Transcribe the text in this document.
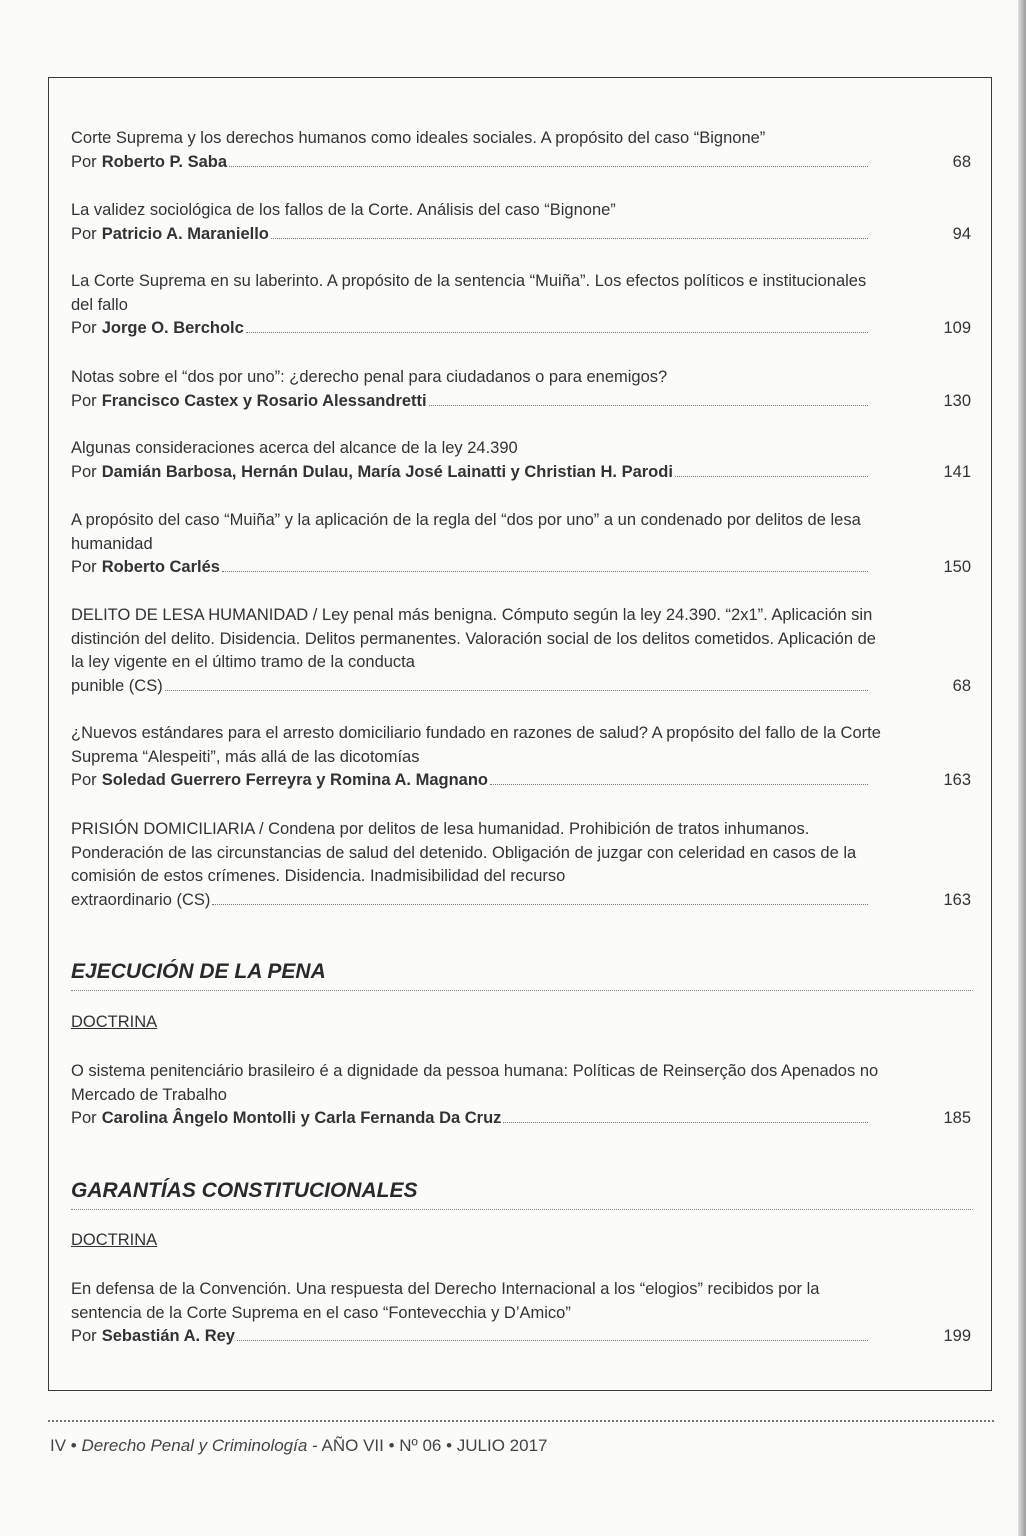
Corte Suprema y los derechos humanos como ideales sociales. A propósito del caso “Bignone”
Por Roberto P. Saba	68
La validez sociológica de los fallos de la Corte. Análisis del caso “Bignone”
Por Patricio A. Maraniello	94
La Corte Suprema en su laberinto. A propósito de la sentencia “Muiña”. Los efectos políticos e institucionales del fallo
Por Jorge O. Bercholc	109
Notas sobre el “dos por uno”: ¿derecho penal para ciudadanos o para enemigos?
Por Francisco Castex y Rosario Alessandretti	130
Algunas consideraciones acerca del alcance de la ley 24.390
Por Damián Barbosa, Hernán Dulau, María José Lainatti y Christian H. Parodi	141
A propósito del caso “Muiña” y la aplicación de la regla del “dos por uno” a un condenado por delitos de lesa humanidad
Por Roberto Carlés	150
DELITO DE LESA HUMANIDAD / Ley penal más benigna. Cómputo según la ley 24.390. “2x1”. Aplicación sin distinción del delito. Disidencia. Delitos permanentes. Valoración social de los delitos cometidos. Aplicación de la ley vigente en el último tramo de la conducta
punible (CS)	68
¿Nuevos estándares para el arresto domiciliario fundado en razones de salud? A propósito del fallo de la Corte Suprema “Alespeiti”, más allá de las dicotomías
Por Soledad Guerrero Ferreyra y Romina A. Magnano	163
PRISIÓN DOMICILIARIA / Condena por delitos de lesa humanidad. Prohibición de tratos inhumanos. Ponderación de las circunstancias de salud del detenido. Obligación de juzgar con celeridad en casos de la comisión de estos crímenes. Disidencia. Inadmisibilidad del recurso
extraordinario (CS)	163
EJECUCIÓN DE LA PENA
DOCTRINA
O sistema penitenciário brasileiro é a dignidade da pessoa humana: Políticas de Reinserção dos Apenados no Mercado de Trabalho
Por Carolina Ângelo Montolli y Carla Fernanda Da Cruz	185
GARANTÍAS CONSTITUCIONALES
DOCTRINA
En defensa de la Convención. Una respuesta del Derecho Internacional a los “elogios” recibidos por la sentencia de la Corte Suprema en el caso “Fontevecchia y D’Amico”
Por Sebastián A. Rey	199
IV • Derecho Penal y Criminología - AÑO VII • Nº 06 • JULIO 2017
